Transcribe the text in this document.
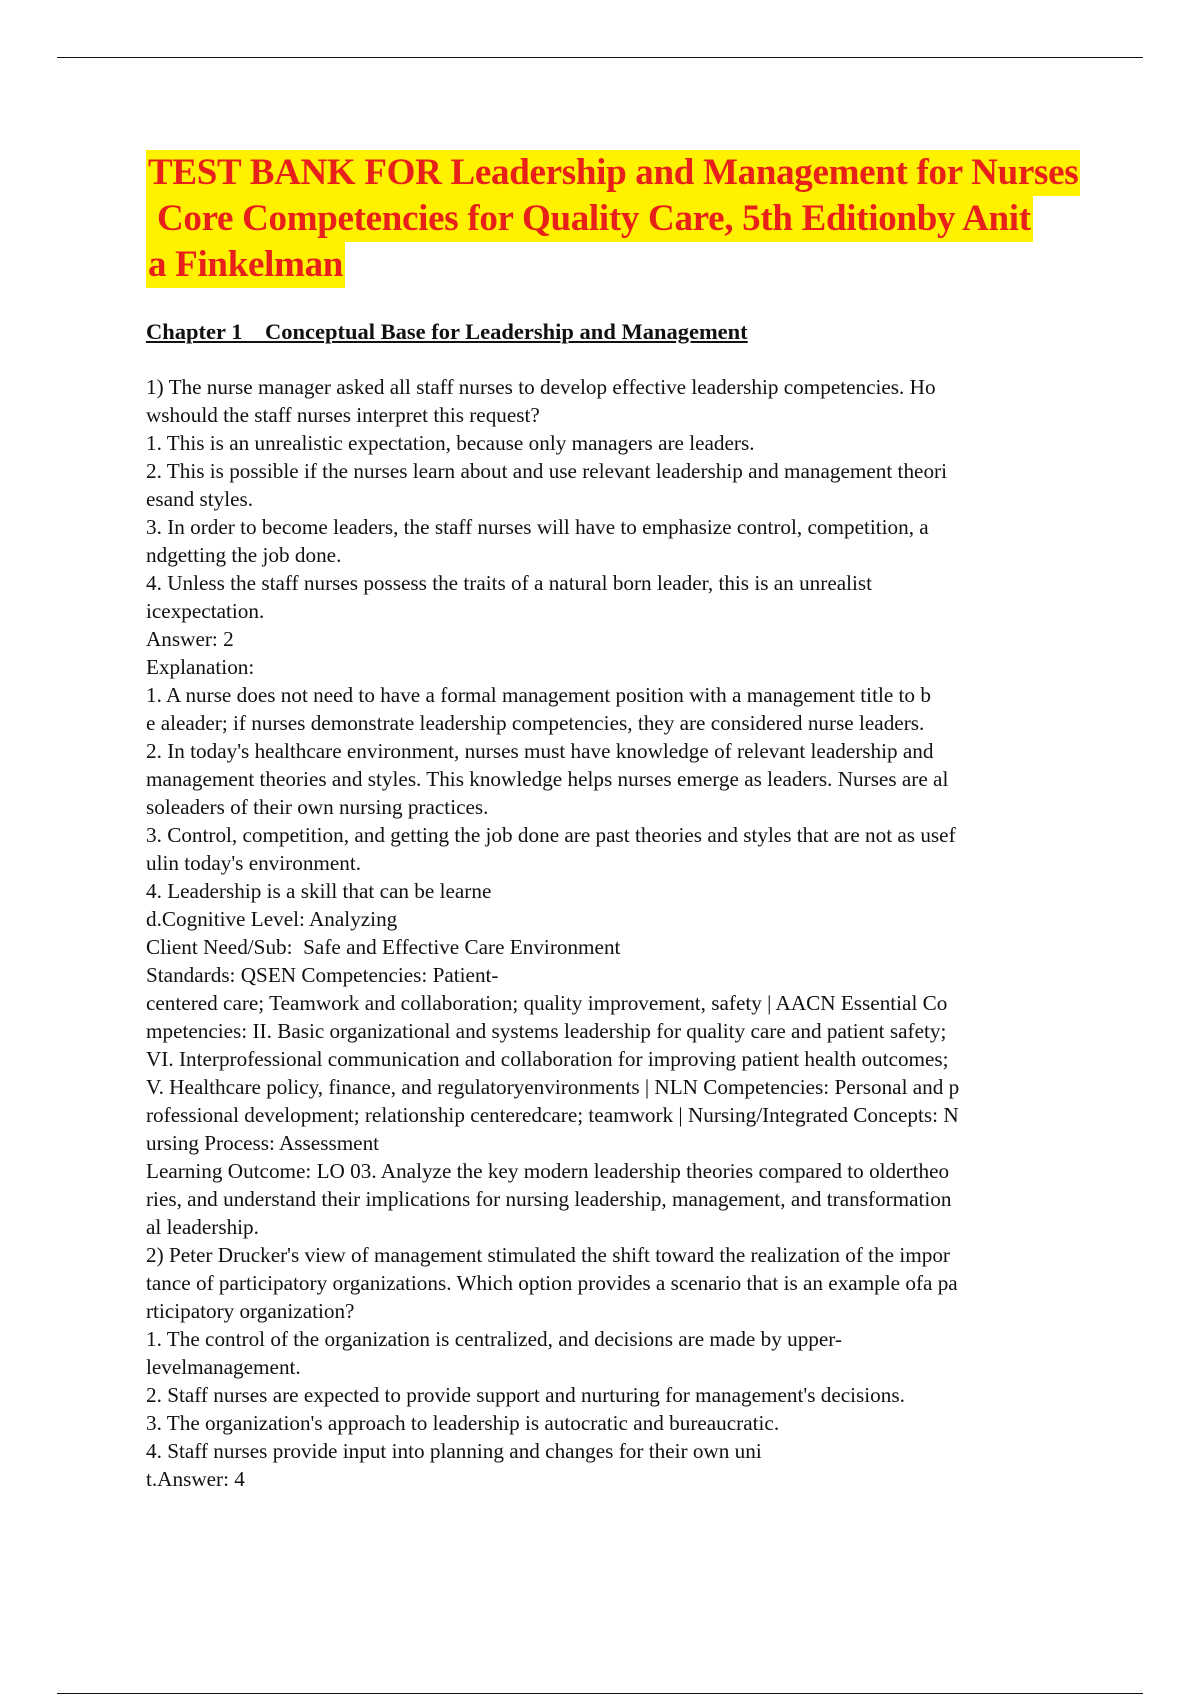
TEST BANK FOR Leadership and Management for Nurses
Core Competencies for Quality Care, 5th Editionby Anit
a Finkelman
Chapter 1    Conceptual Base for Leadership and Management
1) The nurse manager asked all staff nurses to develop effective leadership competencies. Ho
wshould the staff nurses interpret this request?
1. This is an unrealistic expectation, because only managers are leaders.
2. This is possible if the nurses learn about and use relevant leadership and management theori
esand styles.
3. In order to become leaders, the staff nurses will have to emphasize control, competition, a
ndgetting the job done.
4. Unless the staff nurses possess the traits of a natural born leader, this is an unrealist
icexpectation.
Answer: 2
Explanation:
1. A nurse does not need to have a formal management position with a management title to b
e aleader; if nurses demonstrate leadership competencies, they are considered nurse leaders.
2. In today's healthcare environment, nurses must have knowledge of relevant leadership and
management theories and styles. This knowledge helps nurses emerge as leaders. Nurses are al
soleaders of their own nursing practices.
3. Control, competition, and getting the job done are past theories and styles that are not as usef
ulin today's environment.
4. Leadership is a skill that can be learne
d.Cognitive Level: Analyzing
Client Need/Sub:  Safe and Effective Care Environment
Standards: QSEN Competencies: Patient-
centered care; Teamwork and collaboration; quality improvement, safety | AACN Essential Co
mpetencies: II. Basic organizational and systems leadership for quality care and patient safety;
VI. Interprofessional communication and collaboration for improving patient health outcomes;
V. Healthcare policy, finance, and regulatoryenvironments | NLN Competencies: Personal and p
rofessional development; relationship centeredcare; teamwork | Nursing/Integrated Concepts: N
ursing Process: Assessment
Learning Outcome: LO 03. Analyze the key modern leadership theories compared to oldertheo
ries, and understand their implications for nursing leadership, management, and transformation
al leadership.
2) Peter Drucker's view of management stimulated the shift toward the realization of the impor
tance of participatory organizations. Which option provides a scenario that is an example ofa pa
rticipatory organization?
1. The control of the organization is centralized, and decisions are made by upper-
levelmanagement.
2. Staff nurses are expected to provide support and nurturing for management's decisions.
3. The organization's approach to leadership is autocratic and bureaucratic.
4. Staff nurses provide input into planning and changes for their own uni
t.Answer: 4
